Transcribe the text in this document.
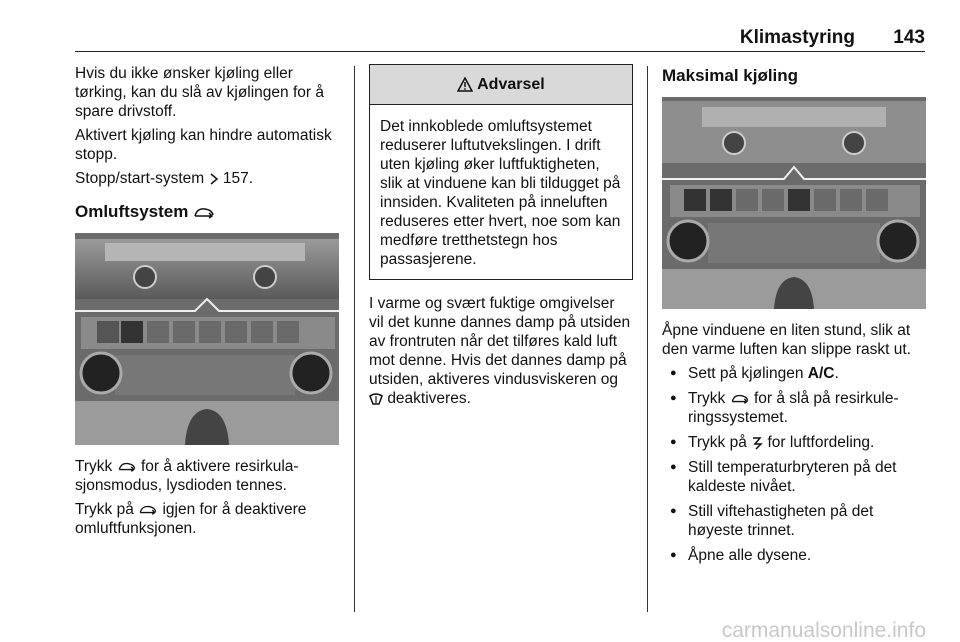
Klimastyring 143

Hvis du ikke ønsker kjøling eller tørking, kan du slå av kjølingen for å spare drivstoff.

Aktivert kjøling kan hindre automatisk stopp.

Stopp/start-system 157.

Omluftsystem

Trykk for å aktivere resirkula-sjonsmodus, lysdioden tennes.

Trykk på igjen for å deaktivere omluftfunksjonen.

Advarsel
Det innkoblede omluftsystemet reduserer luftutvekslingen. I drift uten kjøling øker luftfuktigheten, slik at vinduene kan bli tildugget på innsiden. Kvaliteten på inneluften reduseres etter hvert, noe som kan medføre tretthetstegn hos passasjerene.

I varme og svært fuktige omgivelser vil det kunne dannes damp på utsiden av frontruten når det tilføres kald luft mot denne. Hvis det dannes damp på utsiden, aktiveres vindusviskeren og  deaktiveres.

Maksimal kjøling

Åpne vinduene en liten stund, slik at den varme luften kan slippe raskt ut.

● Sett på kjølingen A/C.
● Trykk for å slå på resirkule-ringssystemet.
● Trykk på for luftfordeling.
● Still temperaturbryteren på det kaldeste nivået.
● Still viftehastigheten på det høyeste trinnet.
● Åpne alle dysene.
carmanualsonline.info
